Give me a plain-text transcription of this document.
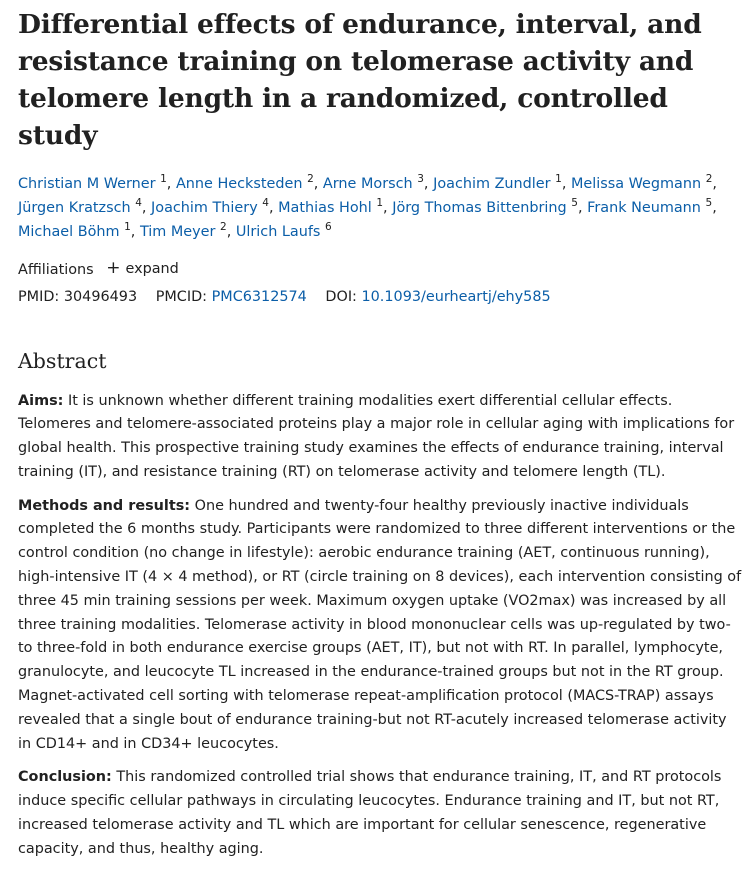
Differential effects of endurance, interval, and resistance training on telomerase activity and telomere length in a randomized, controlled study
Christian M Werner $^1$, Anne Hecksteden $^2$, Arne Morsch $^3$, Joachim Zundler $^1$, Melissa Wegmann $^2$, Jürgen Kratzsch $^4$, Joachim Thiery $^4$, Mathias Hohl $^1$, Jörg Thomas Bittenbring $^5$, Frank Neumann $^5$, Michael Böhm $^1$, Tim Meyer $^2$, Ulrich Laufs $^6$
Affiliations + expand
PMID: 30496493 PMCID: PMC6312574 DOI: 10.1093/eurheartj/ehy585
Abstract

Aims: It is unknown whether different training modalities exert differential cellular effects. Telomeres and telomere-associated proteins play a major role in cellular aging with implications for global health. This prospective training study examines the effects of endurance training, interval training (IT), and resistance training (RT) on telomerase activity and telomere length (TL).

Methods and results: One hundred and twenty-four healthy previously inactive individuals completed the 6 months study. Participants were randomized to three different interventions or the control condition (no change in lifestyle): aerobic endurance training (AET, continuous running), high-intensive IT (4 × 4 method), or RT (circle training on 8 devices), each intervention consisting of three 45 min training sessions per week. Maximum oxygen uptake (VO2max) was increased by all three training modalities. Telomerase activity in blood mononuclear cells was up-regulated by two- to three-fold in both endurance exercise groups (AET, IT), but not with RT. In parallel, lymphocyte, granulocyte, and leucocyte TL increased in the endurance-trained groups but not in the RT group. Magnet-activated cell sorting with telomerase repeat-amplification protocol (MACS-TRAP) assays revealed that a single bout of endurance training-but not RT-acutely increased telomerase activity in CD14+ and in CD34+ leucocytes.

Conclusion: This randomized controlled trial shows that endurance training, IT, and RT protocols induce specific cellular pathways in circulating leucocytes. Endurance training and IT, but not RT, increased telomerase activity and TL which are important for cellular senescence, regenerative capacity, and thus, healthy aging.
